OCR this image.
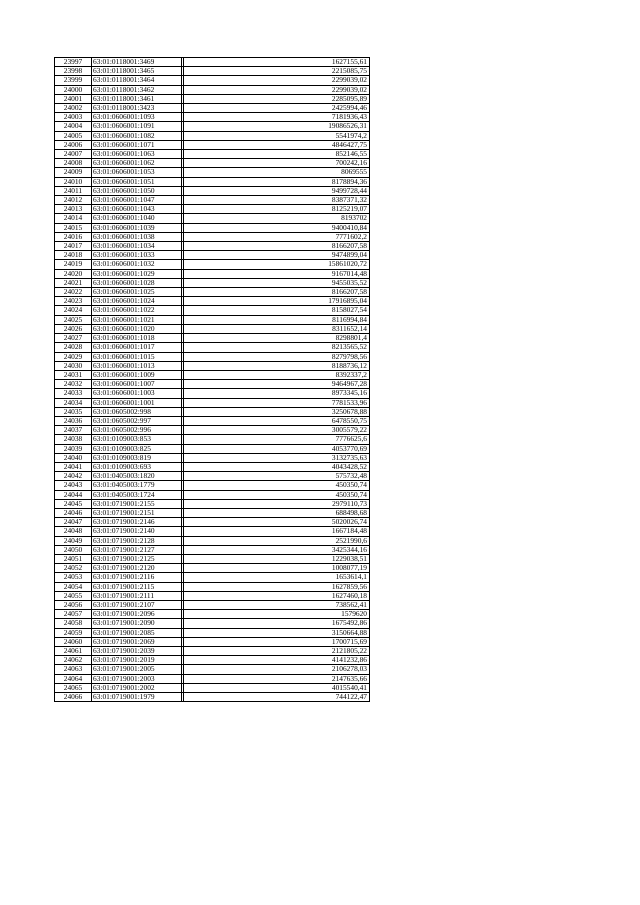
23997	63:01:0118001:3469		1627155,61
23998	63:01:0118001:3465		2215085,75
23999	63:01:0118001:3464		2299039,02
24000	63:01:0118001:3462		2299039,02
24001	63:01:0118001:3461		2285095,89
24002	63:01:0118001:3423		2425994,46
24003	63:01:0606001:1093		7181936,43
24004	63:01:0606001:1091		19086526,31
24005	63:01:0606001:1082		5541974,2
24006	63:01:0606001:1071		4846427,75
24007	63:01:0606001:1063		852146,55
24008	63:01:0606001:1062		700242,16
24009	63:01:0606001:1053		8069555
24010	63:01:0606001:1051		8178894,36
24011	63:01:0606001:1050		9499728,44
24012	63:01:0606001:1047		8387371,32
24013	63:01:0606001:1043		8125219,07
24014	63:01:0606001:1040		8193702
24015	63:01:0606001:1039		9400410,84
24016	63:01:0606001:1038		7771602,2
24017	63:01:0606001:1034		8166207,58
24018	63:01:0606001:1033		9474899,04
24019	63:01:0606001:1032		15861020,72
24020	63:01:0606001:1029		9167014,48
24021	63:01:0606001:1028		9455035,52
24022	63:01:0606001:1025		8166207,58
24023	63:01:0606001:1024		17916895,04
24024	63:01:0606001:1022		8158027,54
24025	63:01:0606001:1021		8116994,84
24026	63:01:0606001:1020		8311652,14
24027	63:01:0606001:1018		8298801,4
24028	63:01:0606001:1017		8213565,52
24029	63:01:0606001:1015		8279798,56
24030	63:01:0606001:1013		8188736,12
24031	63:01:0606001:1009		8392337,2
24032	63:01:0606001:1007		9464967,28
24033	63:01:0606001:1003		8973345,16
24034	63:01:0606001:1001		7781533,96
24035	63:01:0605002:998		3250678,88
24036	63:01:0605002:997		6478550,75
24037	63:01:0605002:996		3005579,22
24038	63:01:0109003:853		7776625,6
24039	63:01:0109003:825		4053770,69
24040	63:01:0109003:819		3132735,63
24041	63:01:0109003:693		4043428,52
24042	63:01:0405003:1820		575732,48
24043	63:01:0405003:1779		450350,74
24044	63:01:0405003:1724		450350,74
24045	63:01:0719001:2155		2979110,73
24046	63:01:0719001:2151		688498,68
24047	63:01:0719001:2146		5020026,74
24048	63:01:0719001:2140		1667184,48
24049	63:01:0719001:2128		2521990,6
24050	63:01:0719001:2127		3425344,16
24051	63:01:0719001:2125		1229038,51
24052	63:01:0719001:2120		1008077,19
24053	63:01:0719001:2116		1653614,1
24054	63:01:0719001:2115		1627859,56
24055	63:01:0719001:2111		1627460,18
24056	63:01:0719001:2107		738562,41
24057	63:01:0719001:2096		1579620
24058	63:01:0719001:2090		1675492,86
24059	63:01:0719001:2085		3150664,88
24060	63:01:0719001:2069		1700715,69
24061	63:01:0719001:2039		2121805,22
24062	63:01:0719001:2019		4141232,86
24063	63:01:0719001:2005		2106278,03
24064	63:01:0719001:2003		2147635,66
24065	63:01:0719001:2002		4015540,41
24066	63:01:0719001:1979		744122,47
